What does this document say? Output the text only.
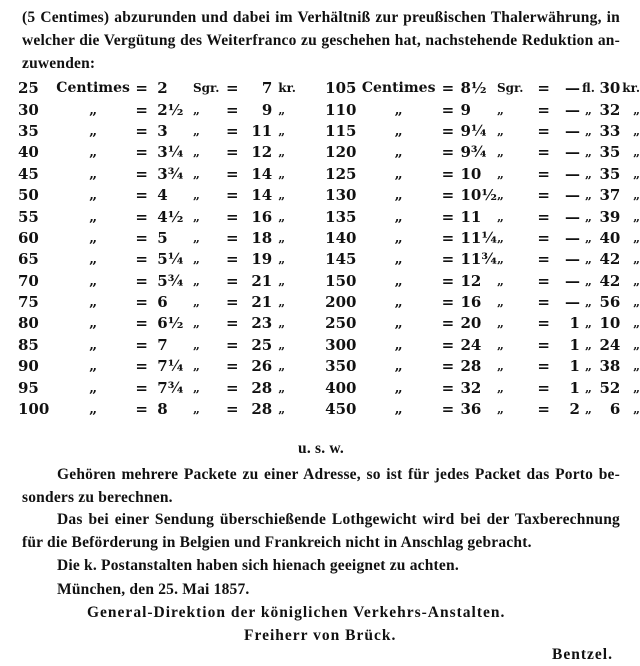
(5 Centimes) abzurunden und dabei im Verhältniß zur preußischen Thalerwährung, in
welcher die Vergütung des Weiterfranco zu geschehen hat, nachstehende Reduktion an-
zuwenden:
25	Centimes	=	2	Sgr.	=	7	kr.		105	Centimes	=	8½	Sgr.	=	—	fl.	30	kr.
30	„	=	2½	„	=	9	„		110	„	=	9	„	=	—	„	32	„
35	„	=	3	„	=	11	„		115	„	=	9¼	„	=	—	„	33	„
40	„	=	3¼	„	=	12	„		120	„	=	9¾	„	=	—	„	35	„
45	„	=	3¾	„	=	14	„		125	„	=	10	„	=	—	„	35	„
50	„	=	4	„	=	14	„		130	„	=	10½	„	=	—	„	37	„
55	„	=	4½	„	=	16	„		135	„	=	11	„	=	—	„	39	„
60	„	=	5	„	=	18	„		140	„	=	11¼	„	=	—	„	40	„
65	„	=	5¼	„	=	19	„		145	„	=	11¾	„	=	—	„	42	„
70	„	=	5¾	„	=	21	„		150	„	=	12	„	=	—	„	42	„
75	„	=	6	„	=	21	„		200	„	=	16	„	=	—	„	56	„
80	„	=	6½	„	=	23	„		250	„	=	20	„	=	1	„	10	„
85	„	=	7	„	=	25	„		300	„	=	24	„	=	1	„	24	„
90	„	=	7¼	„	=	26	„		350	„	=	28	„	=	1	„	38	„
95	„	=	7¾	„	=	28	„		400	„	=	32	„	=	1	„	52	„
100	„	=	8	„	=	28	„		450	„	=	36	„	=	2	„	6	„
u. s. w.
Gehören mehrere Packete zu einer Adresse, so ist für jedes Packet das Porto be-
sonders zu berechnen.
Das bei einer Sendung überschießende Lothgewicht wird bei der Taxberechnung
für die Beförderung in Belgien und Frankreich nicht in Anschlag gebracht.
Die k. Postanstalten haben sich hienach geeignet zu achten.
München, den 25. Mai 1857.
General-Direktion der königlichen Verkehrs-Anstalten.
Freiherr von Brück.
Bentzel.
